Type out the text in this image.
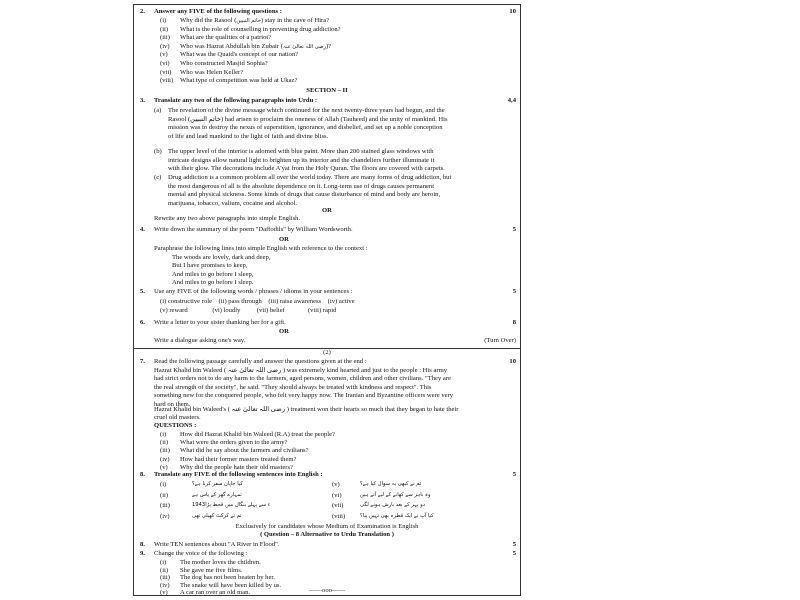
2. Answer any FIVE of the following questions :	10
(i) Why did the Rasool (خاتم النبیین) stay in the cave of Hira?
(ii) What is the role of counselling in preventing drug addiction?
(iii) What are the qualities of a patriot?
(iv) Who was Hazrat Abdullah bin Zubair (رضی اللہ تعالیٰ عنہ)?
(v) What was the Quaid's concept of our nation?
(vi) Who constructed Masjid Sophia?
(vii) Who was Helen Keller?
(viii) What type of competition was held at Ukaz?
SECTION – II
3. Translate any two of the following paragraphs into Urdu :	4,4
(a) The revelation of the divine message which continued for the next twenty-three years had begun, and the
Rasool (خاتم النبیین) had arisen to proclaim the oneness of Allah (Tauheed) and the unity of mankind. His
mission was to destroy the nexus of superstition, ignorance, and disbelief, and set up a noble conception
of life and lead mankind to the light of faith and divine bliss.
(b) The upper level of the interior is adorned with blue paint. More than 200 stained glass windows with
intricate designs allow natural light to brighten up its interior and the chandeliers further illuminate it
with their glow. The decorations include A'yat from the Holy Quran. The floors are covered with carpets.
(c) Drug addiction is a common problem all over the world today. There are many forms of drug addiction, but
the most dangerous of all is the absolute dependence on it. Long-term use of drugs causes permanent
mental and physical sickness. Some kinds of drugs that cause disturbance of mind and body are heroin,
marijuana, tobacco, valium, cocaine and alcohol.
OR
Rewrite any two above paragraphs into simple English.
4. Write down the summary of the poem "Daffodils" by William Wordsworth.	5
OR
Paraphrase the following lines into simple English with reference to the context :
The woods are lovely, dark and deep,
But I have promises to keep,
And miles to go before I sleep,
And miles to go before I sleep.
5. Use any FIVE of the following words / phrases / idioms in your sentences :	5
(i) constructive role    (ii) pass through    (iii) raise awareness    (iv) active
(v) reward               (vi) loudly          (vii) belief              (viii) rapid
6. Write a letter to your sister thanking her for a gift.	8
OR
Write a dialogue asking one's way.	(Turn Over)
(2)
7. Read the following passage carefully and answer the questions given at the end :	10
Hazrat Khalid bin Waleed ( رضی اللہ تعالیٰ عنہ ) was extremely kind hearted and just to the people : His army
had strict orders not to do any harm to the farmers, aged persons, women, children and other civilians. "They are
the real strength of the society", he said. "They should always be treated with kindness and respect". This
something new for the conquered people, who felt very happy now. The Iranian and Byzantine officers were very
hard on them.
Hazrat Khalid bin Waleed's ( رضی اللہ تعالیٰ عنہ ) treatment won their hearts so much that they began to hate their
cruel old masters.
QUESTIONS :
(i) How did Hazrat Khalid bin Waleed (R.A) treat the people?
(ii) What were the orders given to the army?
(iii) What did he say about the farmers and civilians?
(iv) How had their former masters treated them?
(v) Why did the people hate their old masters?
8. Translate any FIVE of the following sentences into English :	5
(i)	کیا جاپان سفر کرنا ہے؟
(ii)	تمہارے گھر کے پاس ہے
(iii)	1943ء سے پہلے بنگال میں قحط پڑا
(iv)	تم نے کرکٹ کھیلی تھی
(v)	تم نے کبھی یہ سوال کیا ہے؟
(vi)	وہ باہر سے کھانے کے لیے آتے ہیں
(vii)	دو پہر کے بعد بارش ہونے لگی
(viii)	کیا آپ نے ایک قطرہ بھی نہیں پیا؟
Exclusively for candidates whose Medium of Examination is English
( Question – 8 Alternative to Urdu Translation )
8. Write TEN sentences about "A River in Flood".	5
9. Change the voice of the following :	5
(i) The mother loves the children.
(ii) She gave me five films.
(iii) The dog has not been beaten by her.
(iv) The snake will have been killed by us.
(v) A car ran over an old man.	——ooo——
